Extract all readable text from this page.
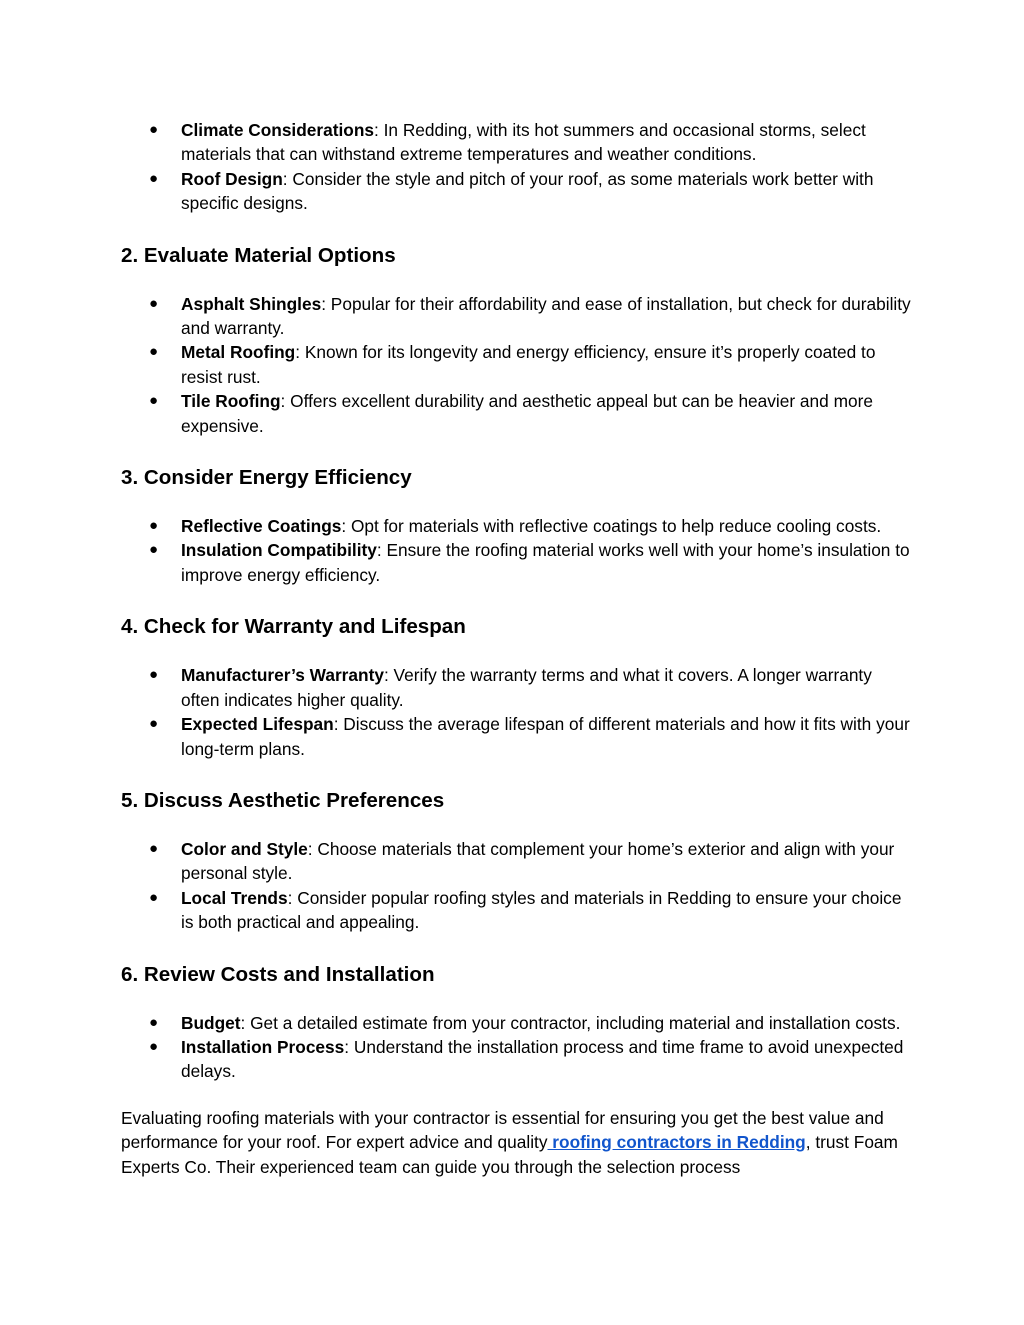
● Climate Considerations: In Redding, with its hot summers and occasional storms, select materials that can withstand extreme temperatures and weather conditions.
● Roof Design: Consider the style and pitch of your roof, as some materials work better with specific designs.
2. Evaluate Material Options
● Asphalt Shingles: Popular for their affordability and ease of installation, but check for durability and warranty.
● Metal Roofing: Known for its longevity and energy efficiency, ensure it’s properly coated to resist rust.
● Tile Roofing: Offers excellent durability and aesthetic appeal but can be heavier and more expensive.
3. Consider Energy Efficiency
● Reflective Coatings: Opt for materials with reflective coatings to help reduce cooling costs.
● Insulation Compatibility: Ensure the roofing material works well with your home’s insulation to improve energy efficiency.
4. Check for Warranty and Lifespan
● Manufacturer’s Warranty: Verify the warranty terms and what it covers. A longer warranty often indicates higher quality.
● Expected Lifespan: Discuss the average lifespan of different materials and how it fits with your long-term plans.
5. Discuss Aesthetic Preferences
● Color and Style: Choose materials that complement your home’s exterior and align with your personal style.
● Local Trends: Consider popular roofing styles and materials in Redding to ensure your choice is both practical and appealing.
6. Review Costs and Installation
● Budget: Get a detailed estimate from your contractor, including material and installation costs.
● Installation Process: Understand the installation process and time frame to avoid unexpected delays.

Evaluating roofing materials with your contractor is essential for ensuring you get the best value and performance for your roof. For expert advice and quality roofing contractors in Redding, trust Foam Experts Co. Their experienced team can guide you through the selection process
